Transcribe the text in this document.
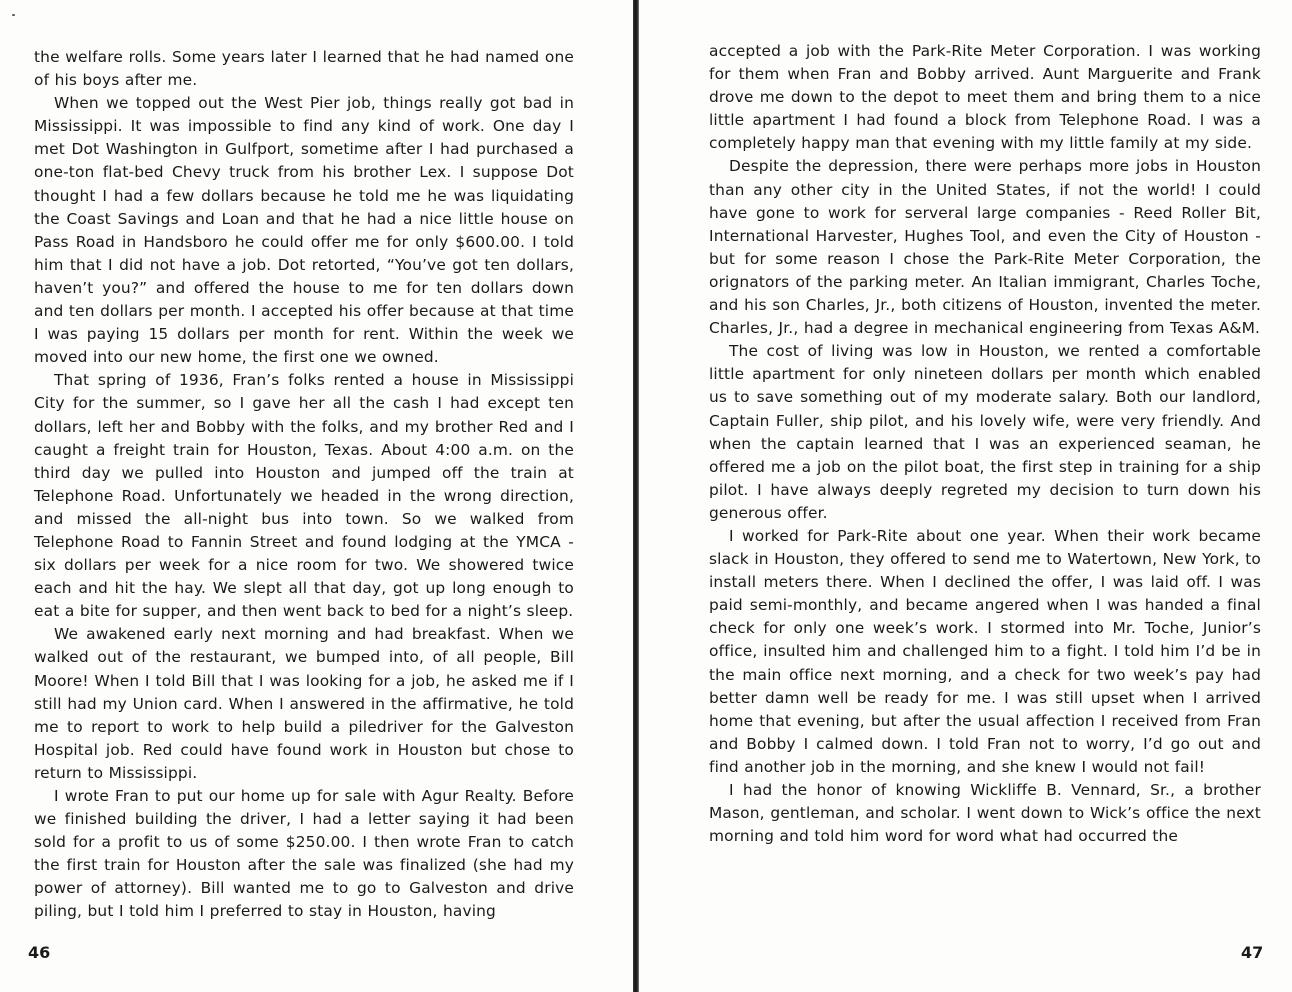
the welfare rolls. Some years later I learned that he had named one of his boys after me.

When we topped out the West Pier job, things really got bad in Mississippi. It was impossible to find any kind of work. One day I met Dot Washington in Gulfport, sometime after I had purchased a one-ton flat-bed Chevy truck from his brother Lex. I suppose Dot thought I had a few dollars because he told me he was liquidating the Coast Savings and Loan and that he had a nice little house on Pass Road in Handsboro he could offer me for only $600.00. I told him that I did not have a job. Dot retorted, “You’ve got ten dollars, haven’t you?” and offered the house to me for ten dollars down and ten dollars per month. I accepted his offer because at that time I was paying 15 dollars per month for rent. Within the week we moved into our new home, the first one we owned.

That spring of 1936, Fran’s folks rented a house in Mississippi City for the summer, so I gave her all the cash I had except ten dollars, left her and Bobby with the folks, and my brother Red and I caught a freight train for Houston, Texas. About 4:00 a.m. on the third day we pulled into Houston and jumped off the train at Telephone Road. Unfortunately we headed in the wrong direction, and missed the all-night bus into town. So we walked from Telephone Road to Fannin Street and found lodging at the YMCA - six dollars per week for a nice room for two. We showered twice each and hit the hay. We slept all that day, got up long enough to eat a bite for supper, and then went back to bed for a night’s sleep.

We awakened early next morning and had breakfast. When we walked out of the restaurant, we bumped into, of all people, Bill Moore! When I told Bill that I was looking for a job, he asked me if I still had my Union card. When I answered in the affirmative, he told me to report to work to help build a piledriver for the Galveston Hospital job. Red could have found work in Houston but chose to return to Mississippi.

I wrote Fran to put our home up for sale with Agur Realty. Before we finished building the driver, I had a letter saying it had been sold for a profit to us of some $250.00. I then wrote Fran to catch the first train for Houston after the sale was finalized (she had my power of attorney). Bill wanted me to go to Galveston and drive piling, but I told him I preferred to stay in Houston, having

46

accepted a job with the Park-Rite Meter Corporation. I was working for them when Fran and Bobby arrived. Aunt Marguerite and Frank drove me down to the depot to meet them and bring them to a nice little apartment I had found a block from Telephone Road. I was a completely happy man that evening with my little family at my side.

Despite the depression, there were perhaps more jobs in Houston than any other city in the United States, if not the world! I could have gone to work for serveral large companies - Reed Roller Bit, International Harvester, Hughes Tool, and even the City of Houston - but for some reason I chose the Park-Rite Meter Corporation, the orignators of the parking meter. An Italian immigrant, Charles Toche, and his son Charles, Jr., both citizens of Houston, invented the meter. Charles, Jr., had a degree in mechanical engineering from Texas A&M.

The cost of living was low in Houston, we rented a comfortable little apartment for only nineteen dollars per month which enabled us to save something out of my moderate salary. Both our landlord, Captain Fuller, ship pilot, and his lovely wife, were very friendly. And when the captain learned that I was an experienced seaman, he offered me a job on the pilot boat, the first step in training for a ship pilot. I have always deeply regreted my decision to turn down his generous offer.

I worked for Park-Rite about one year. When their work became slack in Houston, they offered to send me to Watertown, New York, to install meters there. When I declined the offer, I was laid off. I was paid semi-monthly, and became angered when I was handed a final check for only one week’s work. I stormed into Mr. Toche, Junior’s office, insulted him and challenged him to a fight. I told him I’d be in the main office next morning, and a check for two week’s pay had better damn well be ready for me. I was still upset when I arrived home that evening, but after the usual affection I received from Fran and Bobby I calmed down. I told Fran not to worry, I’d go out and find another job in the morning, and she knew I would not fail!

I had the honor of knowing Wickliffe B. Vennard, Sr., a brother Mason, gentleman, and scholar. I went down to Wick’s office the next morning and told him word for word what had occurred the

47
